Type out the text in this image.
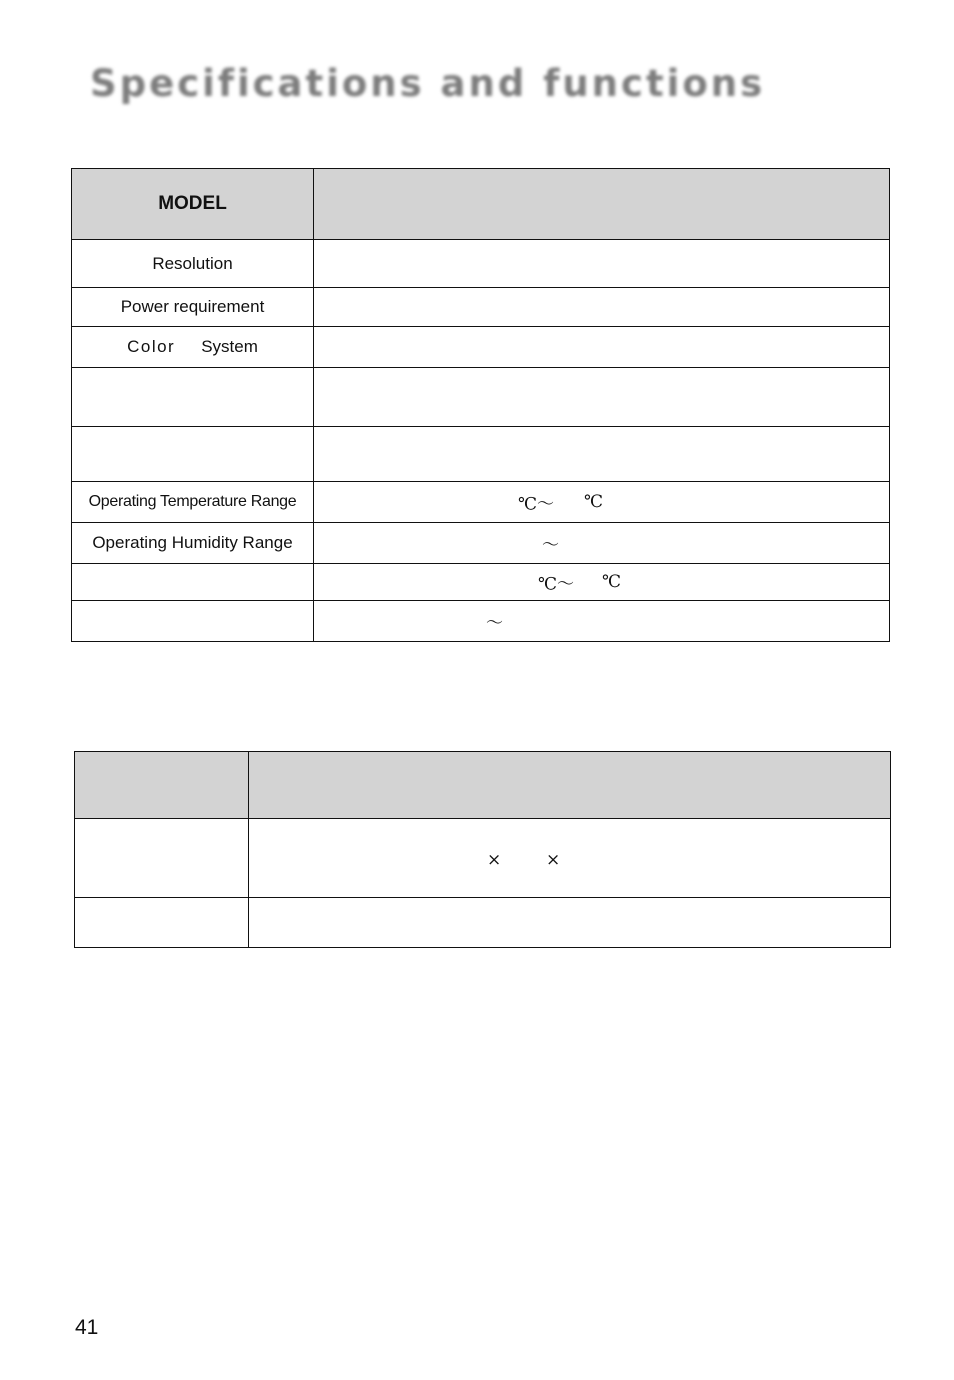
Specifications and functions
MODEL	
Resolution	
Power requirement	
Color System	

Operating Temperature Range	℃～ ℃

Operating Humidity Range	～

	℃～ ℃

	～

	× ×

41
